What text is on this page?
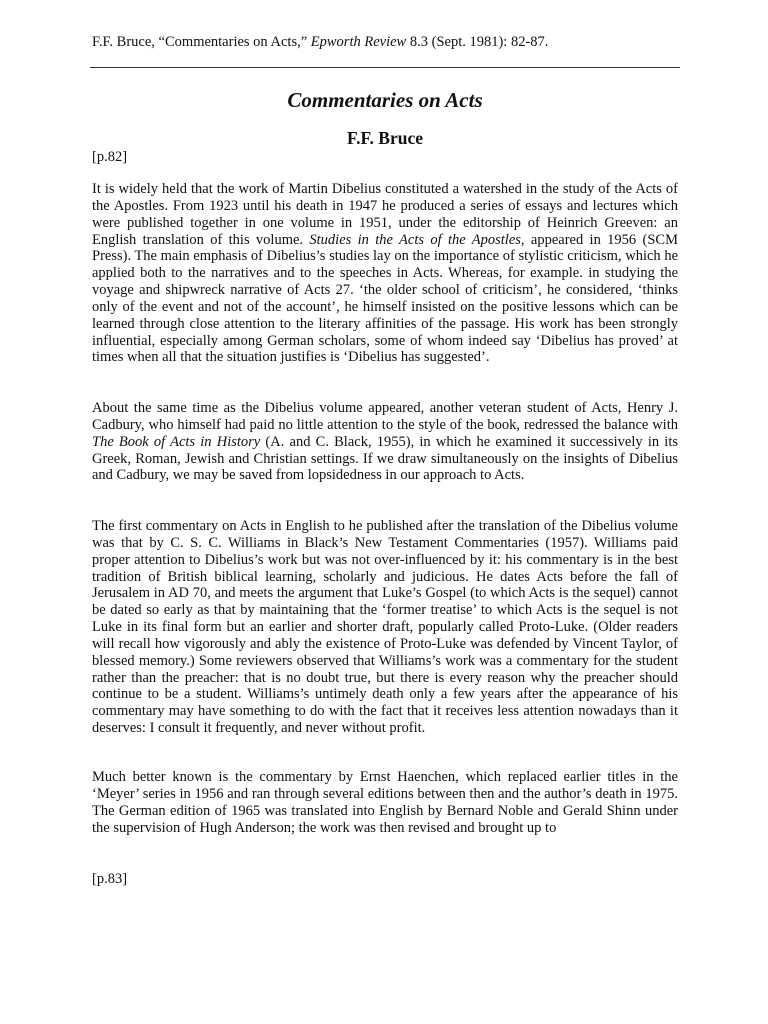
F.F. Bruce, “Commentaries on Acts,” Epworth Review 8.3 (Sept. 1981): 82-87.
Commentaries on Acts
F.F. Bruce
[p.82]

It is widely held that the work of Martin Dibelius constituted a watershed in the study of the Acts of the Apostles. From 1923 until his death in 1947 he produced a series of essays and lectures which were published together in one volume in 1951, under the editorship of Heinrich Greeven: an English translation of this volume. Studies in the Acts of the Apostles, appeared in 1956 (SCM Press). The main emphasis of Dibelius’s studies lay on the importance of stylistic criticism, which he applied both to the narratives and to the speeches in Acts. Whereas, for example. in studying the voyage and shipwreck narrative of Acts 27. ‘the older school of criticism’, he considered, ‘thinks only of the event and not of the account’, he himself insisted on the positive lessons which can be learned through close attention to the literary affinities of the passage. His work has been strongly influential, especially among German scholars, some of whom indeed say ‘Dibelius has proved’ at times when all that the situation justifies is ‘Dibelius has suggested’.

About the same time as the Dibelius volume appeared, another veteran student of Acts, Henry J. Cadbury, who himself had paid no little attention to the style of the book, redressed the balance with The Book of Acts in History (A. and C. Black, 1955), in which he examined it successively in its Greek, Roman, Jewish and Christian settings. If we draw simultaneously on the insights of Dibelius and Cadbury, we may be saved from lopsidedness in our approach to Acts.

The first commentary on Acts in English to he published after the translation of the Dibelius volume was that by C. S. C. Williams in Black’s New Testament Commentaries (1957). Williams paid proper attention to Dibelius’s work but was not over-influenced by it: his commentary is in the best tradition of British biblical learning, scholarly and judicious. He dates Acts before the fall of Jerusalem in AD 70, and meets the argument that Luke’s Gospel (to which Acts is the sequel) cannot be dated so early as that by maintaining that the ‘former treatise’ to which Acts is the sequel is not Luke in its final form but an earlier and shorter draft, popularly called Proto-Luke. (Older readers will recall how vigorously and ably the existence of Proto-Luke was defended by Vincent Taylor, of blessed memory.) Some reviewers observed that Williams’s work was a commentary for the student rather than the preacher: that is no doubt true, but there is every reason why the preacher should continue to be a student. Williams’s untimely death only a few years after the appearance of his commentary may have something to do with the fact that it receives less attention nowadays than it deserves: I consult it frequently, and never without profit.

Much better known is the commentary by Ernst Haenchen, which replaced earlier titles in the ‘Meyer’ series in 1956 and ran through several editions between then and the author’s death in 1975. The German edition of 1965 was translated into English by Bernard Noble and Gerald Shinn under the supervision of Hugh Anderson; the work was then revised and brought up to

[p.83]
